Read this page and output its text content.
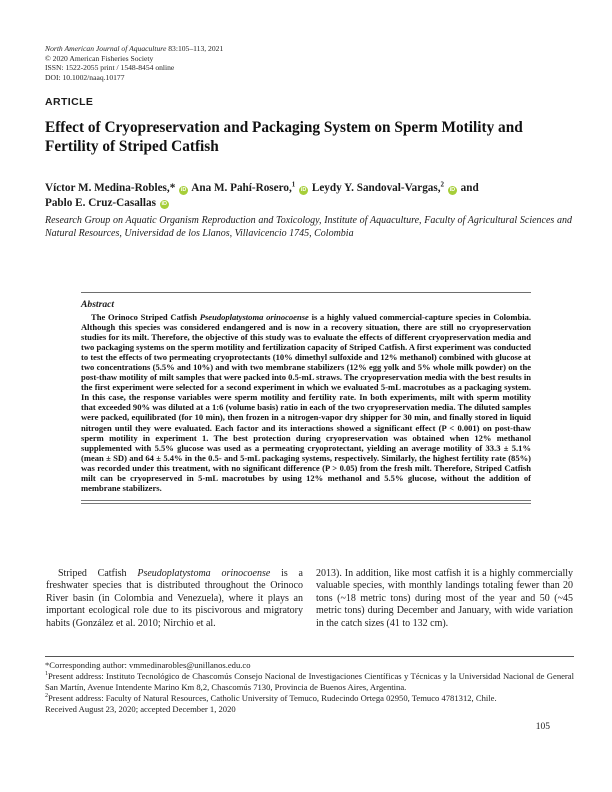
North American Journal of Aquaculture 83:105–113, 2021
© 2020 American Fisheries Society
ISSN: 1522-2055 print / 1548-8454 online
DOI: 10.1002/naaq.10177
ARTICLE
Effect of Cryopreservation and Packaging System on Sperm Motility and Fertility of Striped Catfish
Víctor M. Medina-Robles,* iD Ana M. Pahí-Rosero,$^1$ iD Leydy Y. Sandoval-Vargas,$^2$ iD and
Pablo E. Cruz-Casallas iD
Research Group on Aquatic Organism Reproduction and Toxicology, Institute of Aquaculture, Faculty of Agricultural Sciences and Natural Resources, Universidad de los Llanos, Villavicencio 1745, Colombia
Abstract

The Orinoco Striped Catfish Pseudoplatystoma orinocoense is a highly valued commercial-capture species in Colombia. Although this species was considered endangered and is now in a recovery situation, there are still no cryopreservation studies for its milt. Therefore, the objective of this study was to evaluate the effects of different cryopreservation media and two packaging systems on the sperm motility and fertilization capacity of Striped Catfish. A first experiment was conducted to test the effects of two permeating cryoprotectants (10% dimethyl sulfoxide and 12% methanol) combined with glucose at two concentrations (5.5% and 10%) and with two membrane stabilizers (12% egg yolk and 5% whole milk powder) on the post-thaw motility of milt samples that were packed into 0.5-mL straws. The cryopreservation media with the best results in the first experiment were selected for a second experiment in which we evaluated 5-mL macrotubes as a packaging system. In this case, the response variables were sperm motility and fertility rate. In both experiments, milt with sperm motility that exceeded 90% was diluted at a 1:6 (volume basis) ratio in each of the two cryopreservation media. The diluted samples were packed, equilibrated (for 10 min), then frozen in a nitrogen-vapor dry shipper for 30 min, and finally stored in liquid nitrogen until they were evaluated. Each factor and its interactions showed a significant effect (P < 0.001) on post-thaw sperm motility in experiment 1. The best protection during cryopreservation was obtained when 12% methanol supplemented with 5.5% glucose was used as a permeating cryoprotectant, yielding an average motility of 33.3 ± 5.1% (mean ± SD) and 64 ± 5.4% in the 0.5- and 5-mL packaging systems, respectively. Similarly, the highest fertility rate (85%) was recorded under this treatment, with no significant difference (P > 0.05) from the fresh milt. Therefore, Striped Catfish milt can be cryopreserved in 5-mL macrotubes by using 12% methanol and 5.5% glucose, without the addition of membrane stabilizers.

Striped Catfish Pseudoplatystoma orinocoense is a freshwater species that is distributed throughout the Orinoco River basin (in Colombia and Venezuela), where it plays an important ecological role due to its piscivorous and migratory habits (González et al. 2010; Nirchio et al.

2013). In addition, like most catfish it is a highly commercially valuable species, with monthly landings totaling fewer than 20 tons (~18 metric tons) during most of the year and 50 (~45 metric tons) during December and January, with wide variation in the catch sizes (41 to 132 cm).

*Corresponding author: vmmedinarobles@unillanos.edu.co
$^1$Present address: Instituto Tecnológico de Chascomús Consejo Nacional de Investigaciones Científicas y Técnicas y la Universidad Nacional de General San Martín, Avenue Intendente Marino Km 8,2, Chascomús 7130, Provincia de Buenos Aires, Argentina.
$^2$Present address: Faculty of Natural Resources, Catholic University of Temuco, Rudecindo Ortega 02950, Temuco 4781312, Chile.
Received August 23, 2020; accepted December 1, 2020
105
